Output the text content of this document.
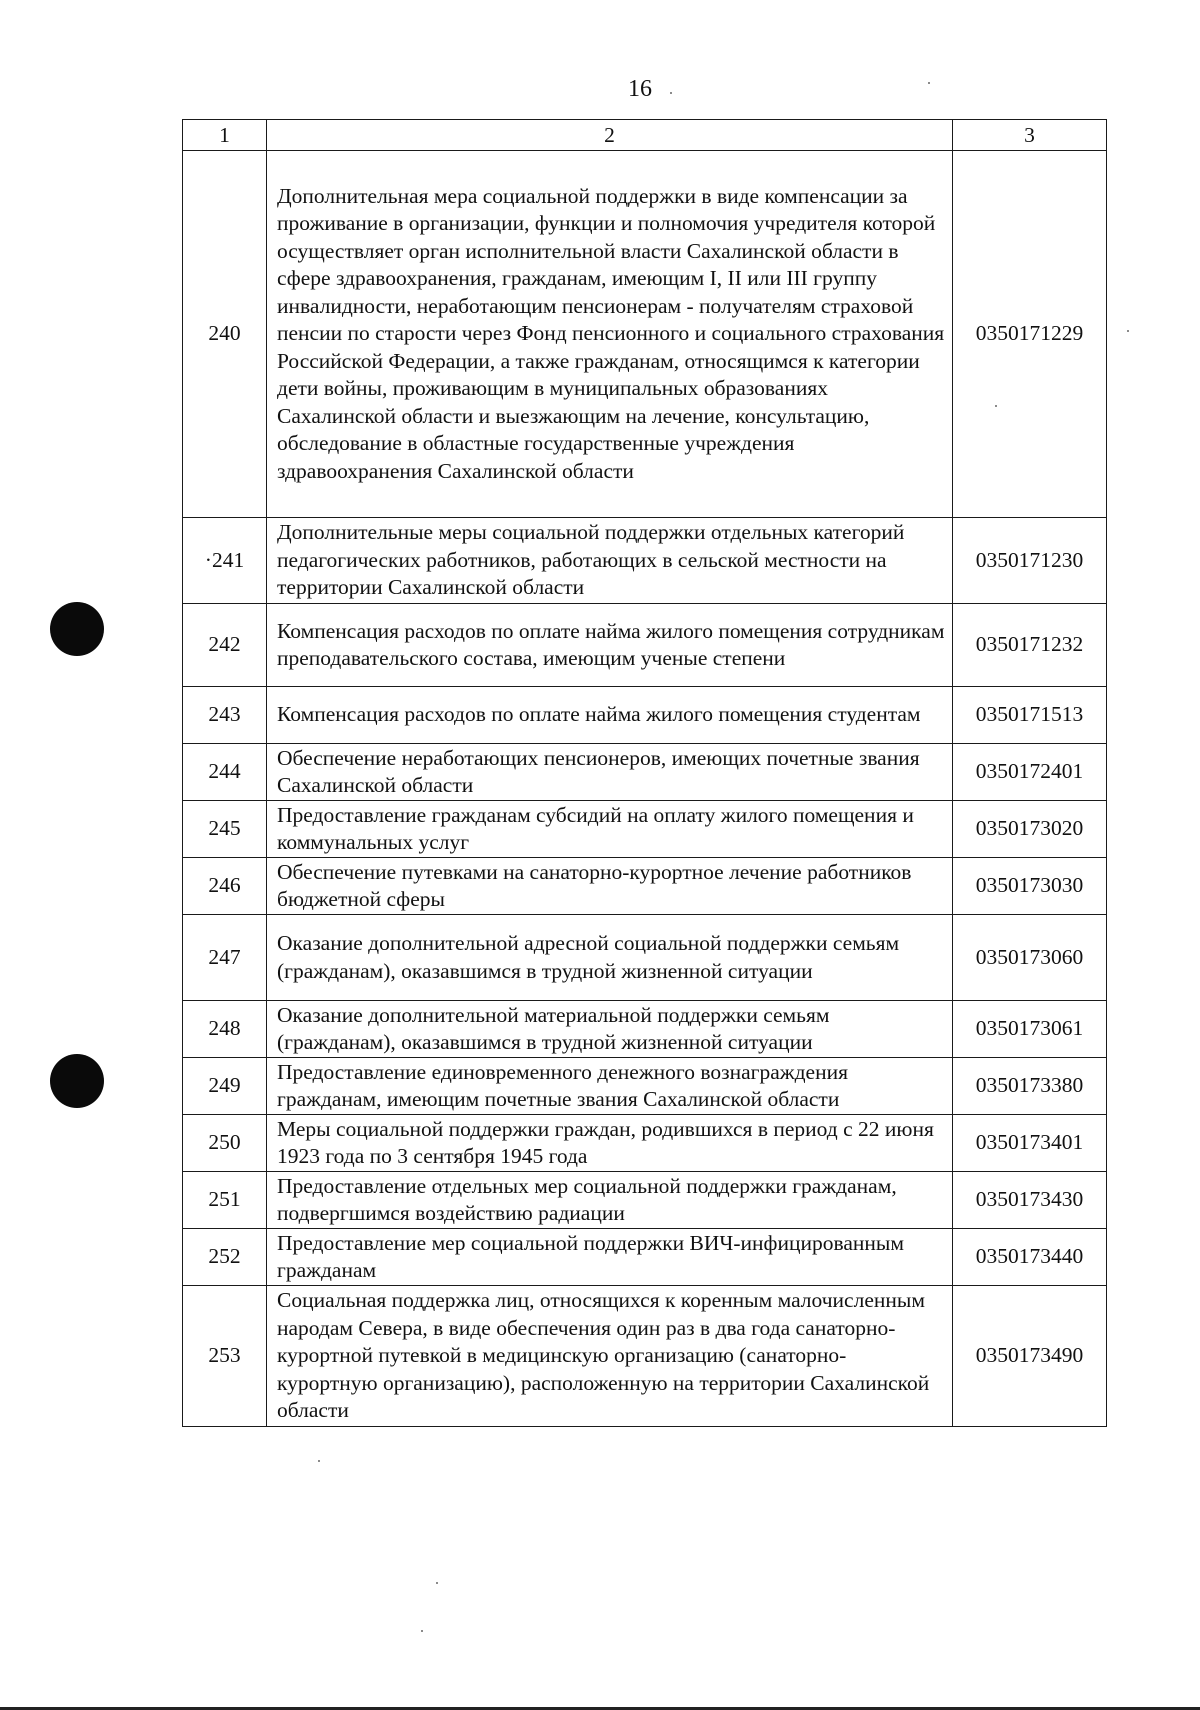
16
1	2	3
240	Дополнительная мера социальной поддержки в виде компенсации за проживание в организации, функции и полномочия учредителя которой осуществляет орган исполнительной власти Сахалинской области в сфере здравоохранения, гражданам, имеющим I, II или III группу инвалидности, неработающим пенсионерам - получателям страховой пенсии по старости через Фонд пенсионного и социального страхования Российской Федерации, а также гражданам, относящимся к категории дети войны, проживающим в муниципальных образованиях Сахалинской области и выезжающим на лечение, консультацию, обследование в областные государственные учреждения здравоохранения Сахалинской области	0350171229
·241	Дополнительные меры социальной поддержки отдельных категорий педагогических работников, работающих в сельской местности на территории Сахалинской области	0350171230
242	Компенсация расходов по оплате найма жилого помещения сотрудникам преподавательского состава, имеющим ученые степени	0350171232
243	Компенсация расходов по оплате найма жилого помещения студентам	0350171513
244	Обеспечение неработающих пенсионеров, имеющих почетные звания Сахалинской области	0350172401
245	Предоставление гражданам субсидий на оплату жилого помещения и коммунальных услуг	0350173020
246	Обеспечение путевками на санаторно-курортное лечение работников бюджетной сферы	0350173030
247	Оказание дополнительной адресной социальной поддержки семьям (гражданам), оказавшимся в трудной жизненной ситуации	0350173060
248	Оказание дополнительной материальной поддержки семьям (гражданам), оказавшимся в трудной жизненной ситуации	0350173061
249	Предоставление единовременного денежного вознаграждения гражданам, имеющим почетные звания Сахалинской области	0350173380
250	Меры социальной поддержки граждан, родившихся в период с 22 июня 1923 года по 3 сентября 1945 года	0350173401
251	Предоставление отдельных мер социальной поддержки гражданам, подвергшимся воздействию радиации	0350173430
252	Предоставление мер социальной поддержки ВИЧ-инфицированным гражданам	0350173440
253	Социальная поддержка лиц, относящихся к коренным малочисленным народам Севера, в виде обеспечения один раз в два года санаторно-курортной путевкой в медицинскую организацию (санаторно-курортную организацию), расположенную на территории Сахалинской области	0350173490
